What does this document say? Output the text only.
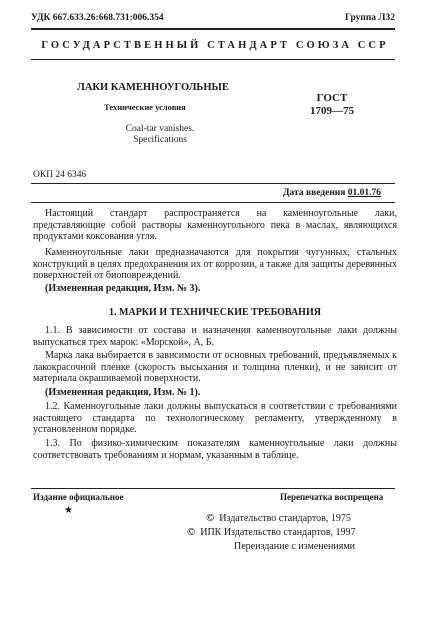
УДК 667.633.26:668.731:006.354	Группа Л32
ГОСУДАРСТВЕННЫЙ СТАНДАРТ СОЮЗА ССР
ЛАКИ КАМЕННОУГОЛЬНЫЕ
Технические условия
ГОСТ
1709—75
Coal-tar vanishes.
Specifications
ОКП 24 6346
Дата введения 01.01.76
Настоящий стандарт распространяется на каменноугольные лаки, представляющие собой растворы каменноугольного пека в маслах, являющихся продуктами коксования угля.
Каменноугольные лаки предназначаются для покрытия чугунных, стальных конструкций в целях предохранения их от коррозии, а также для защиты деревянных поверхностей от биоповреждений.
(Измененная редакция, Изм. № 3).
1. МАРКИ И ТЕХНИЧЕСКИЕ ТРЕБОВАНИЯ
1.1. В зависимости от состава и назначения каменноугольные лаки должны выпускаться трех марок: «Морской», А, Б.
Марка лака выбирается в зависимости от основных требований, предъявляемых к лакокрасочной пленке (скорость высыхания и толщина пленки), и не зависит от материала окрашиваемой поверхности.
(Измененная редакция, Изм. № 1).
1.2. Каменноугольные лаки должны выпускаться в соответствии с требованиями настоящего стандарта по технологическому регламенту, утвержденному в установленном порядке.
1.3. По физико-химическим показателям каменноугольные лаки должны соответствовать требованиям и нормам, указанным в таблице.
Издание официальное	Перепечатка воспрещена
★
© Издательство стандартов, 1975
© ИПК Издательство стандартов, 1997
Переиздание с изменениями
